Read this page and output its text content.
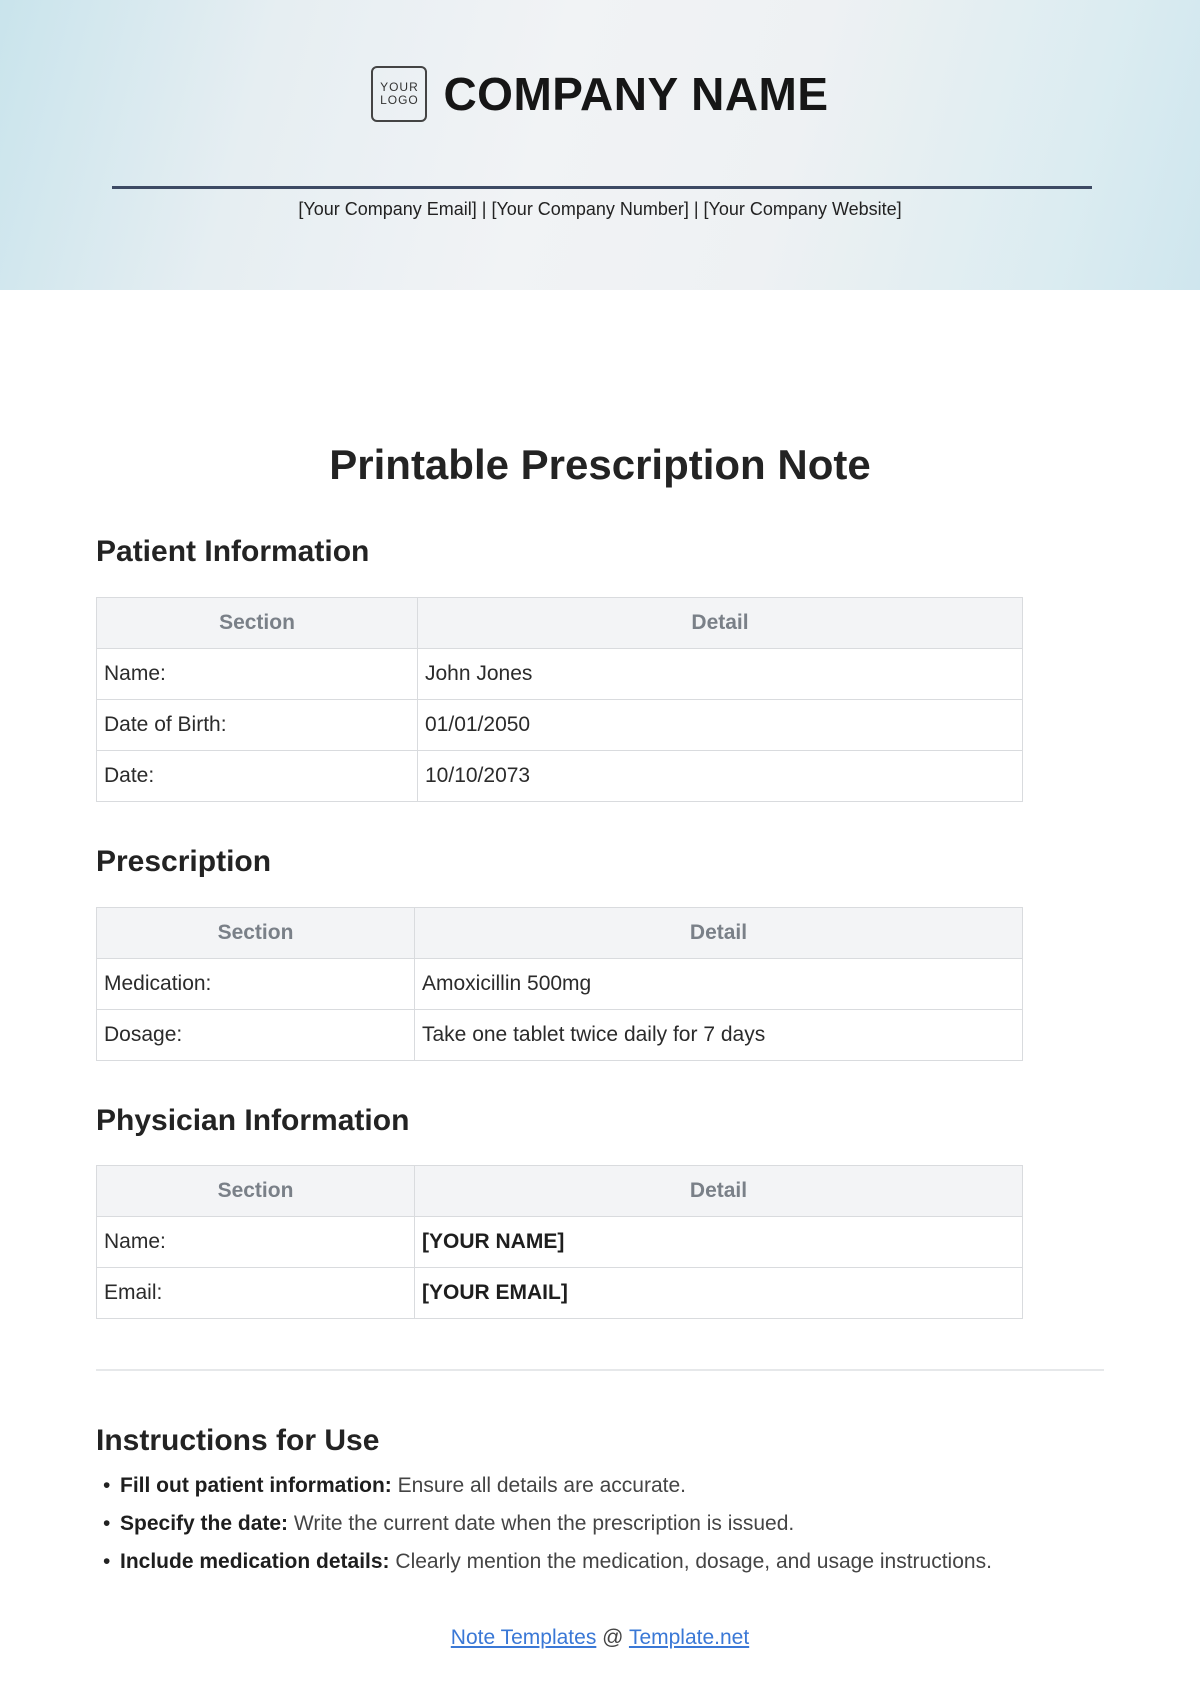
YOUR
LOGO COMPANY NAME
[Your Company Email] | [Your Company Number] | [Your Company Website]
Printable Prescription Note
Patient Information
Section	Detail
Name:	John Jones
Date of Birth:	01/01/2050
Date:	10/10/2073
Prescription
Section	Detail
Medication:	Amoxicillin 500mg
Dosage:	Take one tablet twice daily for 7 days
Physician Information
Section	Detail
Name:	[YOUR NAME]
Email:	[YOUR EMAIL]
Instructions for Use
• Fill out patient information: Ensure all details are accurate.
• Specify the date: Write the current date when the prescription is issued.
• Include medication details: Clearly mention the medication, dosage, and usage instructions.
Note Templates @ Template.net
